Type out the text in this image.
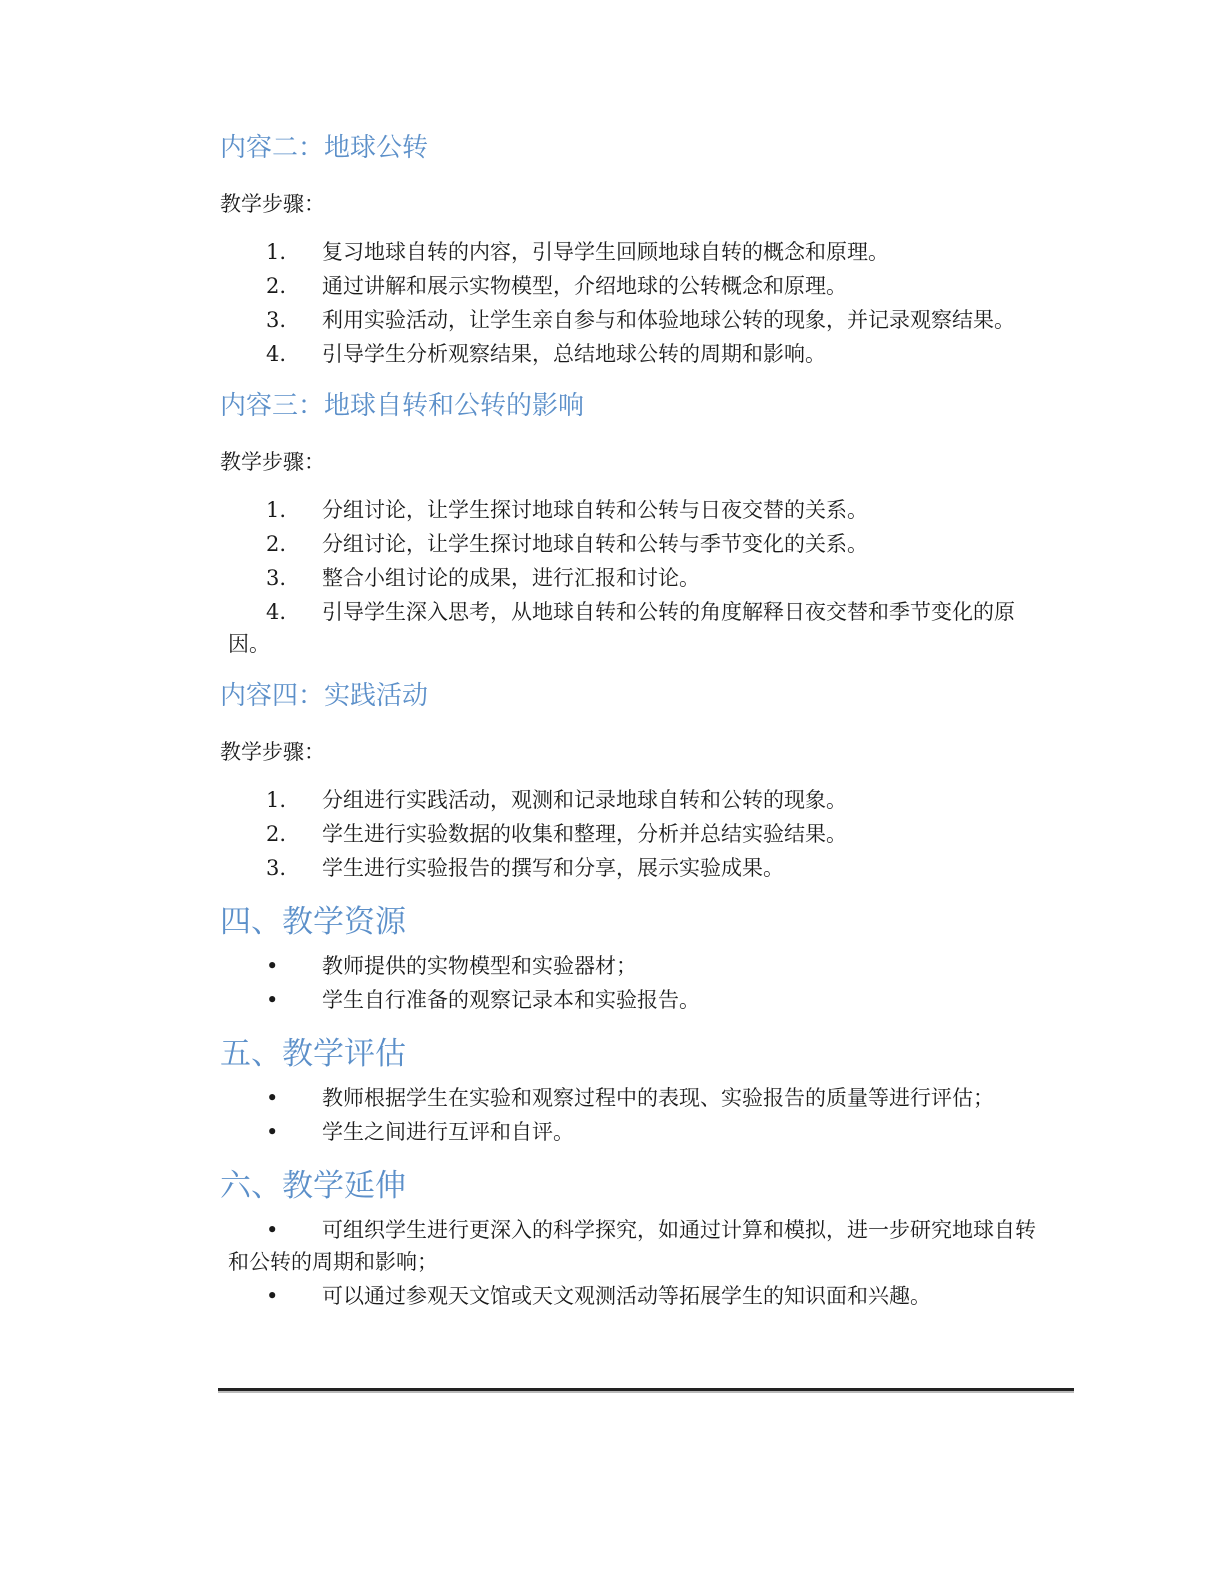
内容二：地球公转
教学步骤：
1. 复习地球自转的内容，引导学生回顾地球自转的概念和原理。
2. 通过讲解和展示实物模型，介绍地球的公转概念和原理。
3. 利用实验活动，让学生亲自参与和体验地球公转的现象，并记录观察结果。
4. 引导学生分析观察结果，总结地球公转的周期和影响。
内容三：地球自转和公转的影响
教学步骤：
1. 分组讨论，让学生探讨地球自转和公转与日夜交替的关系。
2. 分组讨论，让学生探讨地球自转和公转与季节变化的关系。
3. 整合小组讨论的成果，进行汇报和讨论。
4. 引导学生深入思考，从地球自转和公转的角度解释日夜交替和季节变化的原因。
内容四：实践活动
教学步骤：
1. 分组进行实践活动，观测和记录地球自转和公转的现象。
2. 学生进行实验数据的收集和整理，分析并总结实验结果。
3. 学生进行实验报告的撰写和分享，展示实验成果。
四、教学资源
• 教师提供的实物模型和实验器材；
• 学生自行准备的观察记录本和实验报告。
五、教学评估
• 教师根据学生在实验和观察过程中的表现、实验报告的质量等进行评估；
• 学生之间进行互评和自评。
六、教学延伸
• 可组织学生进行更深入的科学探究，如通过计算和模拟，进一步研究地球自转和公转的周期和影响；
• 可以通过参观天文馆或天文观测活动等拓展学生的知识面和兴趣。
